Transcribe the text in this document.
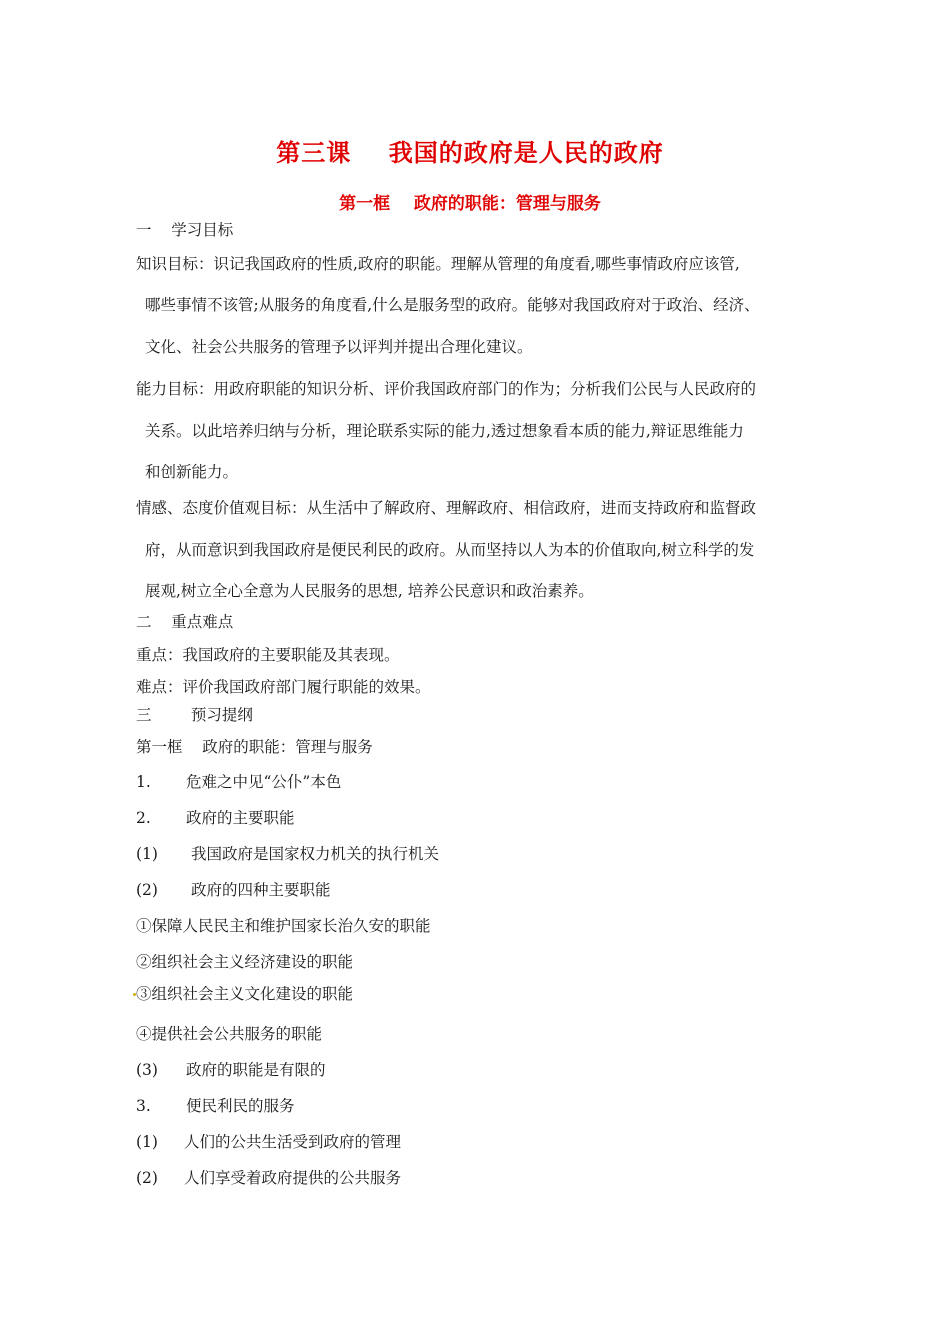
第三课    我国的政府是人民的政府
第一框    政府的职能：管理与服务
一    学习目标
知识目标：识记我国政府的性质,政府的职能。理解从管理的角度看,哪些事情政府应该管,
哪些事情不该管;从服务的角度看,什么是服务型的政府。能够对我国政府对于政治、经济、
文化、社会公共服务的管理予以评判并提出合理化建议。
能力目标：用政府职能的知识分析、评价我国政府部门的作为；分析我们公民与人民政府的
关系。以此培养归纳与分析，理论联系实际的能力,透过想象看本质的能力,辩证思维能力
和创新能力。
情感、态度价值观目标：从生活中了解政府、理解政府、相信政府，进而支持政府和监督政
府，从而意识到我国政府是便民利民的政府。从而坚持以人为本的价值取向,树立科学的发
展观,树立全心全意为人民服务的思想, 培养公民意识和政治素养。
二    重点难点
重点：我国政府的主要职能及其表现。
难点：评价我国政府部门履行职能的效果。
三        预习提纲
第一框    政府的职能：管理与服务
1. 危难之中见“公仆”本色
2. 政府的主要职能
(1) 我国政府是国家权力机关的执行机关
(2) 政府的四种主要职能
①保障人民民主和维护国家长治久安的职能
②组织社会主义经济建设的职能
③组织社会主义文化建设的职能
④提供社会公共服务的职能
(3) 政府的职能是有限的
3. 便民利民的服务
(1) 人们的公共生活受到政府的管理
(2) 人们享受着政府提供的公共服务
